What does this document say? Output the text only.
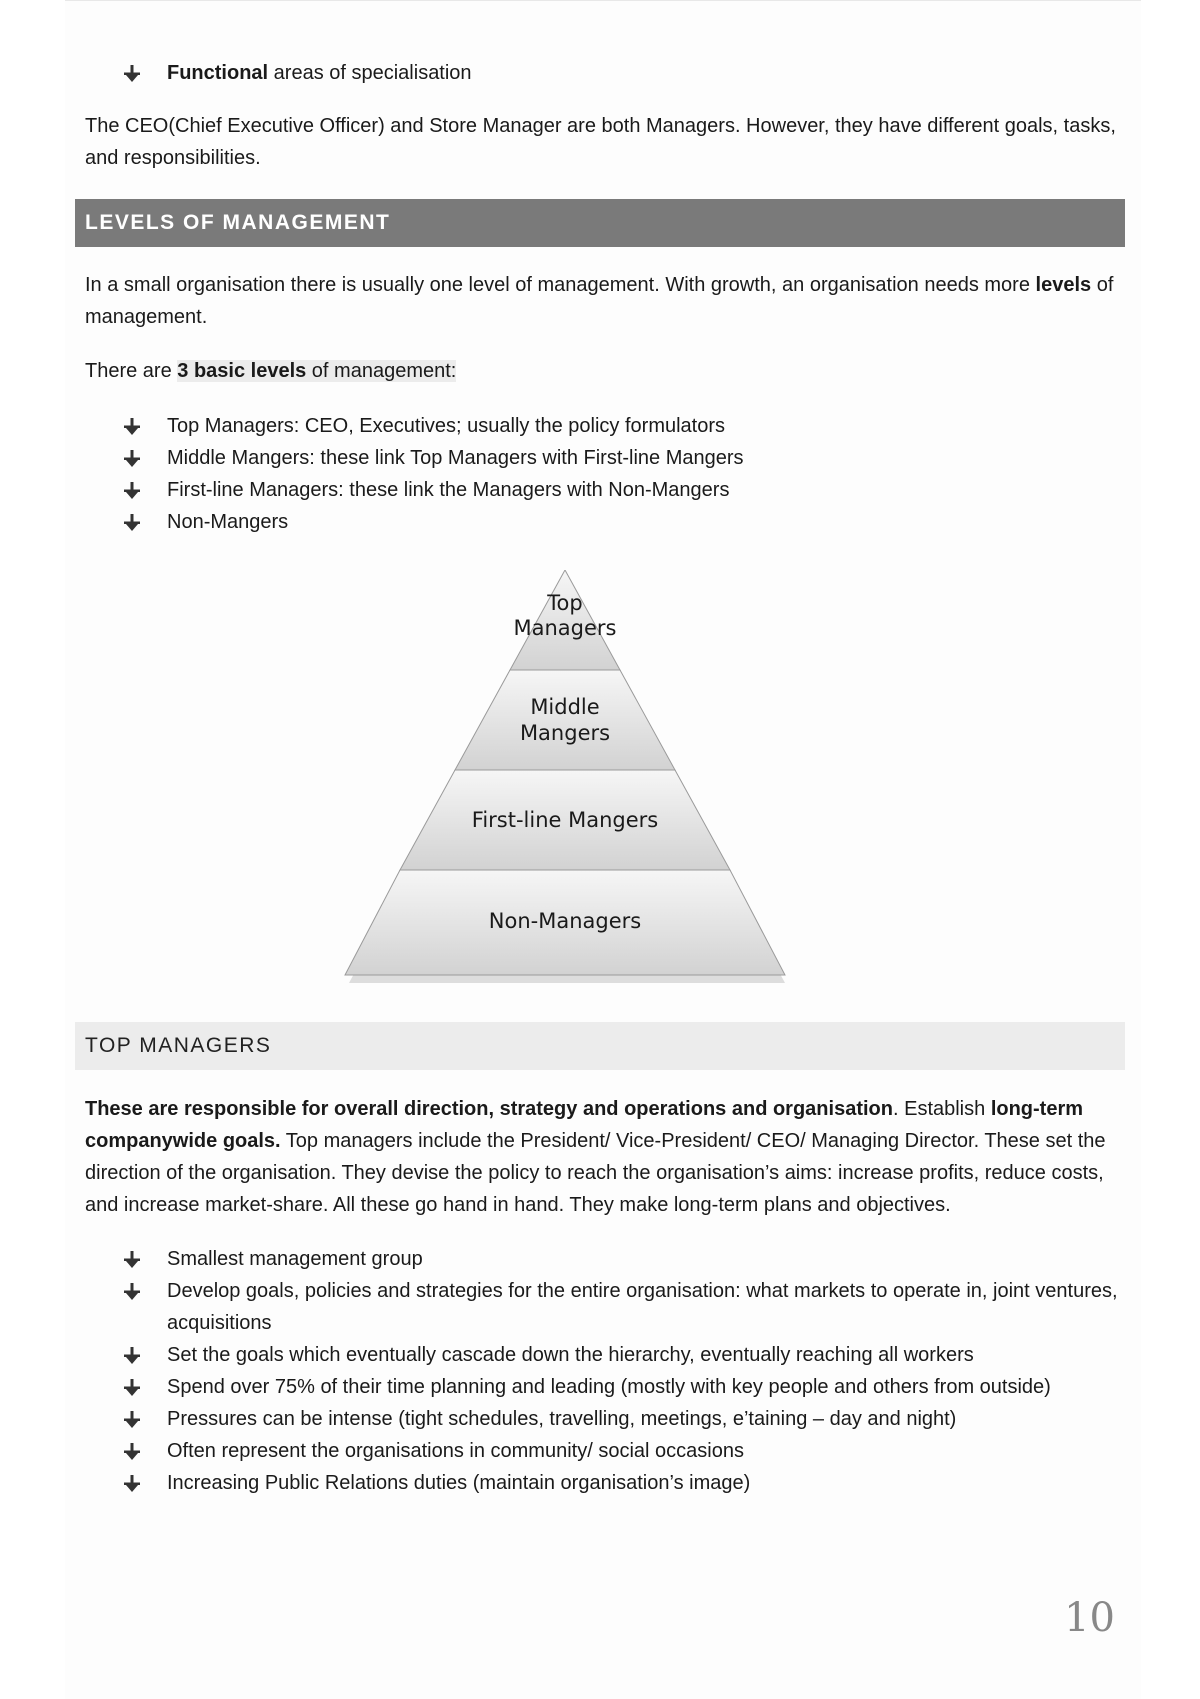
Functional areas of specialisation

The CEO(Chief Executive Officer) and Store Manager are both Managers. However, they have different goals, tasks, and responsibilities.

LEVELS OF MANAGEMENT

In a small organisation there is usually one level of management. With growth, an organisation needs more levels of management.

There are 3 basic levels of management:

Top Managers: CEO, Executives; usually the policy formulators
Middle Mangers: these link Top Managers with First-line Mangers
First-line Managers: these link the Managers with Non-Mangers
Non-Mangers
Top
Managers
Middle
Mangers
First-line Mangers
Non-Managers
TOP MANAGERS

These are responsible for overall direction, strategy and operations and organisation. Establish long-term companywide goals. Top managers include the President/ Vice-President/ CEO/ Managing Director. These set the direction of the organisation. They devise the policy to reach the organisation’s aims: increase profits, reduce costs, and increase market-share. All these go hand in hand. They make long-term plans and objectives.

Smallest management group
Develop goals, policies and strategies for the entire organisation: what markets to operate in, joint ventures, acquisitions
Set the goals which eventually cascade down the hierarchy, eventually reaching all workers
Spend over 75% of their time planning and leading (mostly with key people and others from outside)
Pressures can be intense (tight schedules, travelling, meetings, e’taining – day and night)
Often represent the organisations in community/ social occasions
Increasing Public Relations duties (maintain organisation’s image)
10
